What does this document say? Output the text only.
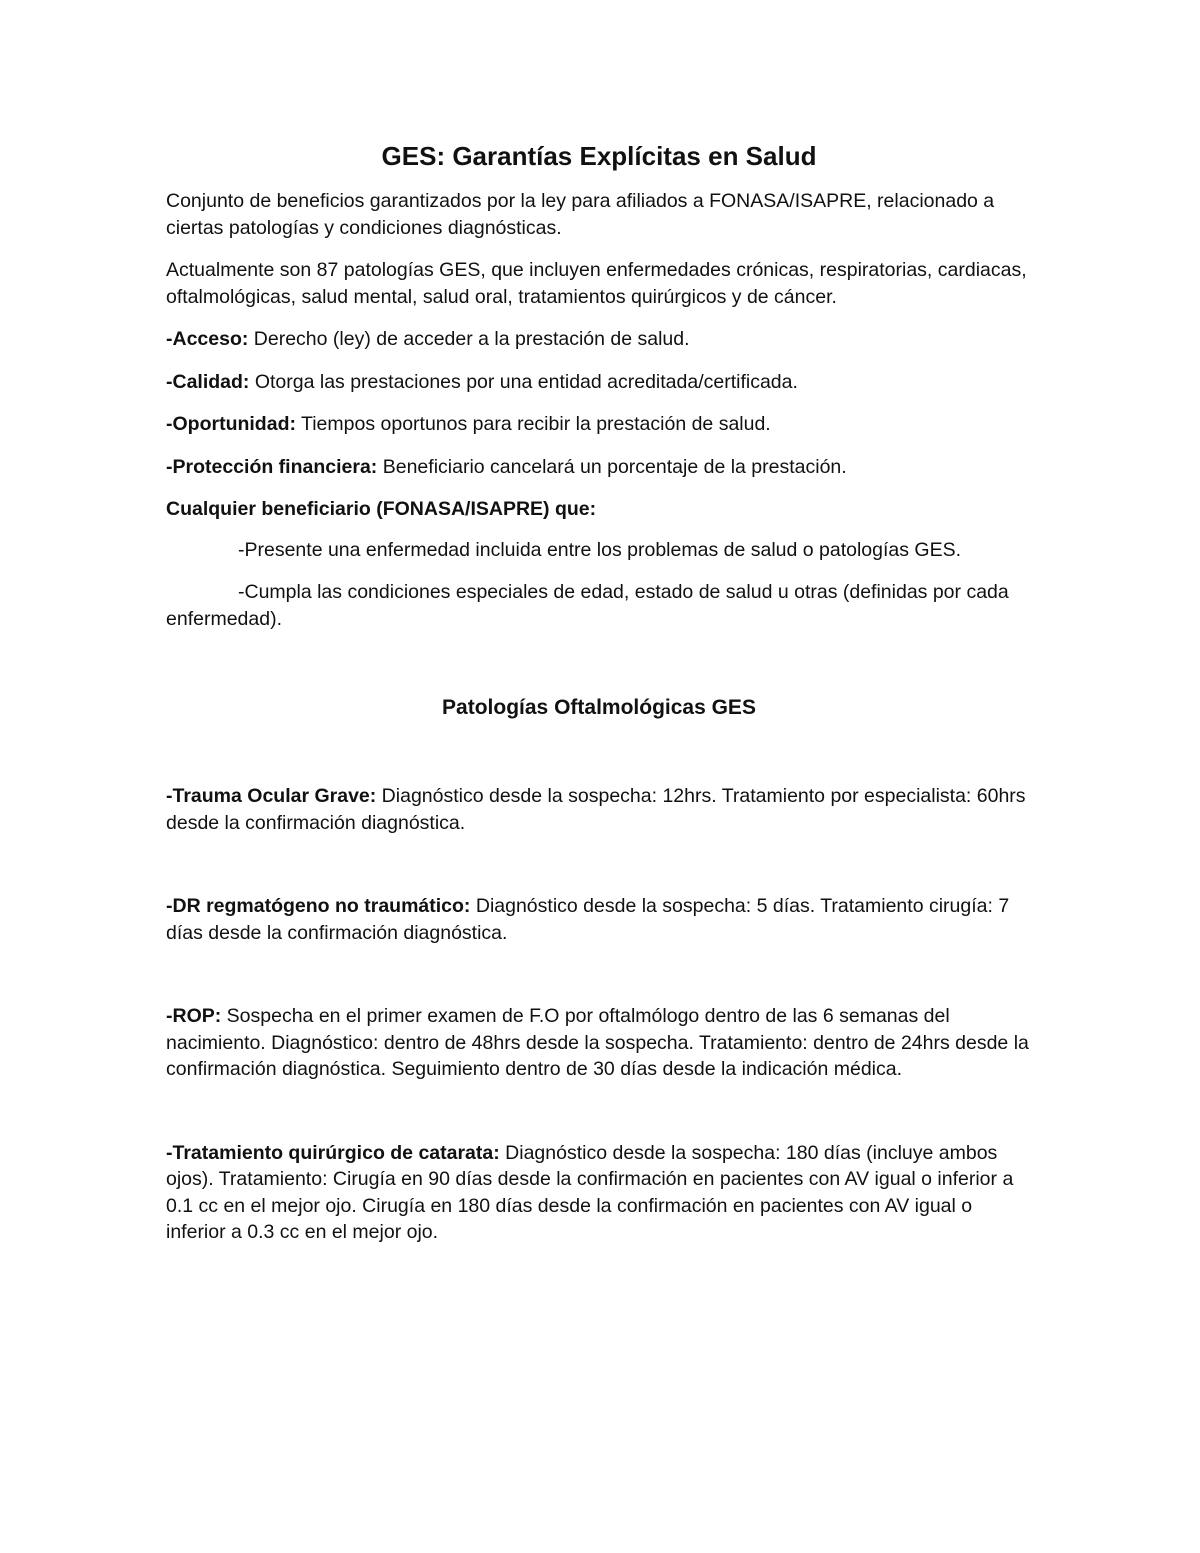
GES: Garantías Explícitas en Salud

Conjunto de beneficios garantizados por la ley para afiliados a FONASA/ISAPRE, relacionado a ciertas patologías y condiciones diagnósticas.

Actualmente son 87 patologías GES, que incluyen enfermedades crónicas, respiratorias, cardiacas, oftalmológicas, salud mental, salud oral, tratamientos quirúrgicos y de cáncer.

-Acceso: Derecho (ley) de acceder a la prestación de salud.

-Calidad: Otorga las prestaciones por una entidad acreditada/certificada.

-Oportunidad: Tiempos oportunos para recibir la prestación de salud.

-Protección financiera: Beneficiario cancelará un porcentaje de la prestación.

Cualquier beneficiario (FONASA/ISAPRE) que:

-Presente una enfermedad incluida entre los problemas de salud o patologías GES.

-Cumpla las condiciones especiales de edad, estado de salud u otras (definidas por cada enfermedad).

Patologías Oftalmológicas GES

-Trauma Ocular Grave: Diagnóstico desde la sospecha: 12hrs. Tratamiento por especialista: 60hrs desde la confirmación diagnóstica.

-DR regmatógeno no traumático: Diagnóstico desde la sospecha: 5 días. Tratamiento cirugía: 7 días desde la confirmación diagnóstica.

-ROP: Sospecha en el primer examen de F.O por oftalmólogo dentro de las 6 semanas del nacimiento. Diagnóstico: dentro de 48hrs desde la sospecha. Tratamiento: dentro de 24hrs desde la confirmación diagnóstica. Seguimiento dentro de 30 días desde la indicación médica.

-Tratamiento quirúrgico de catarata: Diagnóstico desde la sospecha: 180 días (incluye ambos ojos). Tratamiento: Cirugía en 90 días desde la confirmación en pacientes con AV igual o inferior a 0.1 cc en el mejor ojo. Cirugía en 180 días desde la confirmación en pacientes con AV igual o inferior a 0.3 cc en el mejor ojo.
